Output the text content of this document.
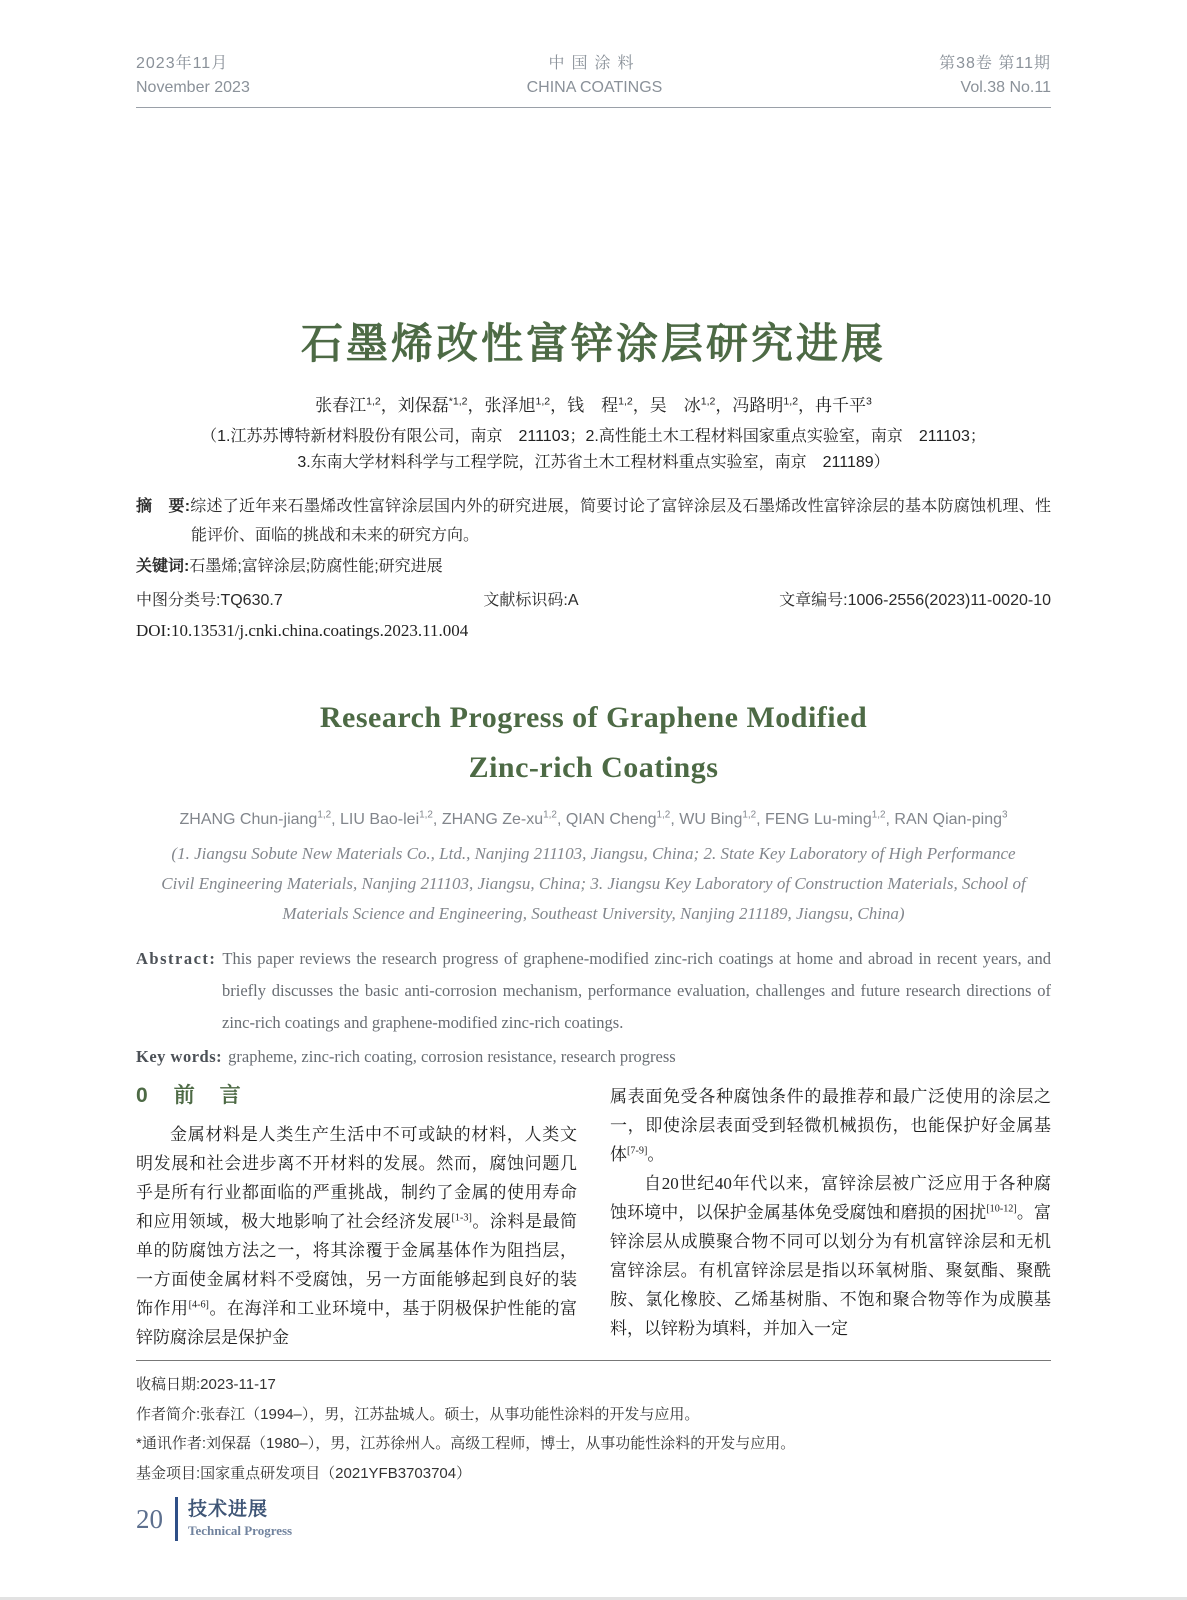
2023年11月
November 2023
中国涂料
CHINA COATINGS
第38卷 第11期
Vol.38 No.11
石墨烯改性富锌涂层研究进展

张春江$^{1,2}$，刘保磊$^{*1,2}$，张泽旭$^{1,2}$，钱　程$^{1,2}$，吴　冰$^{1,2}$，冯路明$^{1,2}$，冉千平$^3$

（1.江苏苏博特新材料股份有限公司，南京　211103；2.高性能土木工程材料国家重点实验室，南京　211103；

3.东南大学材料科学与工程学院，江苏省土木工程材料重点实验室，南京　211189）

摘　要:综述了近年来石墨烯改性富锌涂层国内外的研究进展，简要讨论了富锌涂层及石墨烯改性富锌涂层的基本防腐蚀机理、性能评价、面临的挑战和未来的研究方向。

关键词:石墨烯;富锌涂层;防腐性能;研究进展

中图分类号:TQ630.7	文献标识码:A	文章编号:1006-2556(2023)11-0020-10

DOI:10.13531/j.cnki.china.coatings.2023.11.004

Research Progress of Graphene Modified
Zinc-rich Coatings

ZHANG Chun-jiang$^{1,2}$, LIU Bao-lei$^{1,2}$, ZHANG Ze-xu$^{1,2}$, QIAN Cheng$^{1,2}$, WU Bing$^{1,2}$, FENG Lu-ming$^{1,2}$, RAN Qian-ping$^3$

(1. Jiangsu Sobute New Materials Co., Ltd., Nanjing 211103, Jiangsu, China; 2. State Key Laboratory of High Performance
Civil Engineering Materials, Nanjing 211103, Jiangsu, China; 3. Jiangsu Key Laboratory of Construction Materials, School of
Materials Science and Engineering, Southeast University, Nanjing 211189, Jiangsu, China)

Abstract: This paper reviews the research progress of graphene-modified zinc-rich coatings at home and abroad in recent years, and briefly discusses the basic anti-corrosion mechanism, performance evaluation, challenges and future research directions of zinc-rich coatings and graphene-modified zinc-rich coatings.

Key words: grapheme, zinc-rich coating, corrosion resistance, research progress

0 前　言

金属材料是人类生产生活中不可或缺的材料，人类文明发展和社会进步离不开材料的发展。然而，腐蚀问题几乎是所有行业都面临的严重挑战，制约了金属的使用寿命和应用领域，极大地影响了社会经济发展[1-3]。涂料是最简单的防腐蚀方法之一，将其涂覆于金属基体作为阻挡层，一方面使金属材料不受腐蚀，另一方面能够起到良好的装饰作用[4-6]。在海洋和工业环境中，基于阴极保护性能的富锌防腐涂层是保护金

属表面免受各种腐蚀条件的最推荐和最广泛使用的涂层之一，即使涂层表面受到轻微机械损伤，也能保护好金属基体[7-9]。

自20世纪40年代以来，富锌涂层被广泛应用于各种腐蚀环境中，以保护金属基体免受腐蚀和磨损的困扰[10-12]。富锌涂层从成膜聚合物不同可以划分为有机富锌涂层和无机富锌涂层。有机富锌涂层是指以环氧树脂、聚氨酯、聚酰胺、氯化橡胶、乙烯基树脂、不饱和聚合物等作为成膜基料，以锌粉为填料，并加入一定

收稿日期:2023-11-17

作者简介:张春江（1994–），男，江苏盐城人。硕士，从事功能性涂料的开发与应用。

*通讯作者:刘保磊（1980–），男，江苏徐州人。高级工程师，博士，从事功能性涂料的开发与应用。

基金项目:国家重点研发项目（2021YFB3703704）

20 技术进展
Technical Progress
